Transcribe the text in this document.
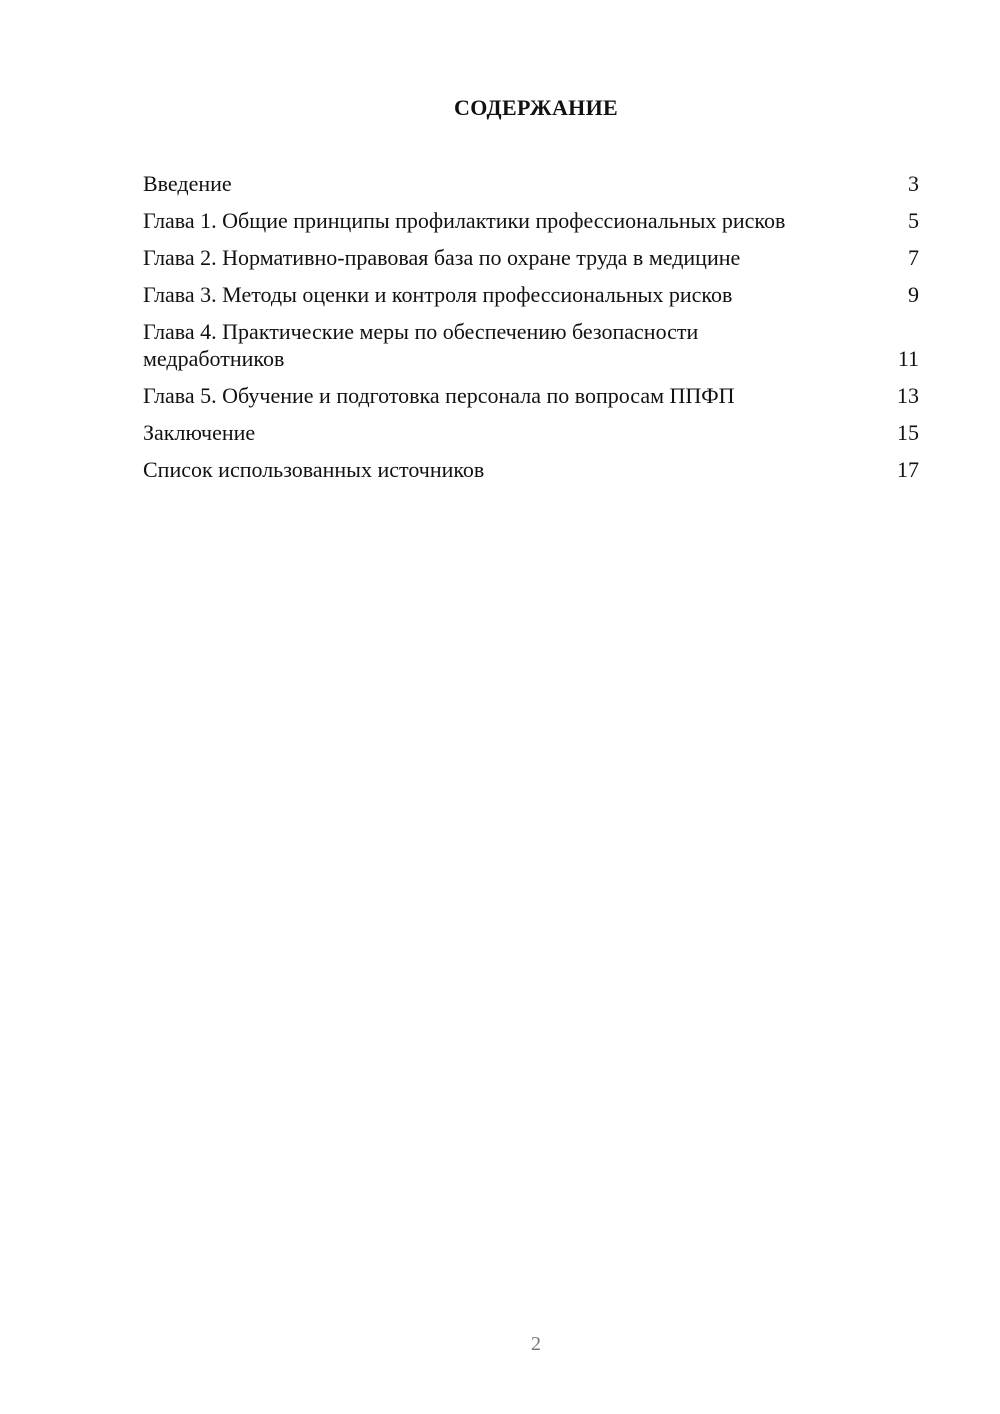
СОДЕРЖАНИЕ
Введение	3
Глава 1. Общие принципы профилактики профессиональных рисков	5
Глава 2. Нормативно-правовая база по охране труда в медицине	7
Глава 3. Методы оценки и контроля профессиональных рисков	9
Глава 4. Практические меры по обеспечению безопасности медработников	11
Глава 5. Обучение и подготовка персонала по вопросам ППФП	13
Заключение	15
Список использованных источников	17
2
